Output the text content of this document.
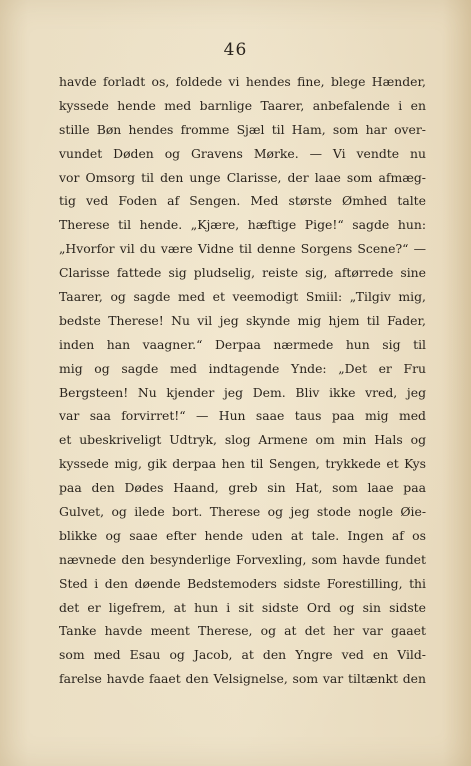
46
havde forladt os, foldede vi hendes fine, blege Hænder,
kyssede hende med barnlige Taarer, anbefalende i en
stille Bøn hendes fromme Sjæl til Ham, som har over-
vundet Døden og Gravens Mørke. — Vi vendte nu
vor Omsorg til den unge Clarisse, der laae som afmæg-
tig ved Foden af Sengen. Med største Ømhed talte
Therese til hende. „Kjære, hæftige Pige!“ sagde hun:
„Hvorfor vil du være Vidne til denne Sorgens Scene?“ —
Clarisse fattede sig pludselig, reiste sig, aftørrede sine
Taarer, og sagde med et veemodigt Smiil: „Tilgiv mig,
bedste Therese! Nu vil jeg skynde mig hjem til Fader,
inden han vaagner.“ Derpaa nærmede hun sig til
mig og sagde med indtagende Ynde: „Det er Fru
Bergsteen! Nu kjender jeg Dem. Bliv ikke vred, jeg
var saa forvirret!“ — Hun saae taus paa mig med
et ubeskriveligt Udtryk, slog Armene om min Hals og
kyssede mig, gik derpaa hen til Sengen, trykkede et Kys
paa den Dødes Haand, greb sin Hat, som laae paa
Gulvet, og ilede bort. Therese og jeg stode nogle Øie-
blikke og saae efter hende uden at tale. Ingen af os
nævnede den besynderlige Forvexling, som havde fundet
Sted i den døende Bedstemoders sidste Forestilling, thi
det er ligefrem, at hun i sit sidste Ord og sin sidste
Tanke havde meent Therese, og at det her var gaaet
som med Esau og Jacob, at den Yngre ved en Vild-
farelse havde faaet den Velsignelse, som var tiltænkt den
